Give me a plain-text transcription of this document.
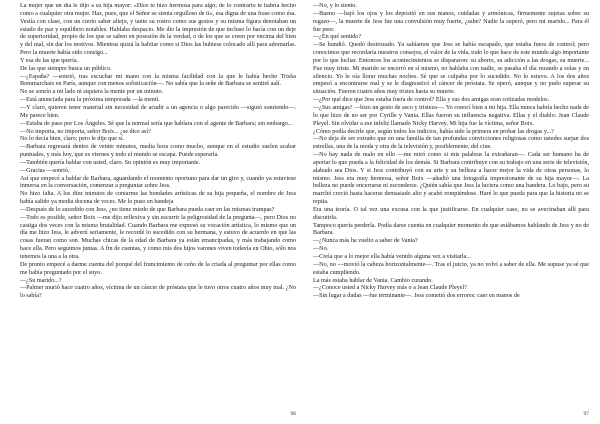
La mujer que un día le dijo a su hija mayor: «Dios te hizo hermosa para algo; de lo contrario te habría hecho como a cualquier otra mujer. Haz, pues, que el Señor se sienta orgulloso de ti», esa digna de una frase como ésa. Vestía con clase, con un cierto saber aliejo, y tanto su rostro como sus gestos y su misma figura denotaban un estado de paz y equilibrio notables. Hablaba despacio. Me dio la impresión de que incluso lo hacía con un deje de superioridad, propio de los que se saben en posesión de la verdad, o de los que se creen por encima del bien y del mal, sin dar los motivos. Mientras quizá la habitar como si Dios las hubiese colocado allí para adornarlas. Pero la muerte había sido consigo...

Y esa de las que quería.

De las que siempre busca un público.

—¿España? —sonrió, tras escuchar mi mano con la misma facilidad con la que le había hecho Trisha Bommarchais en París, aunque con menos sofisticación—. No sabía que la señe de Barbara se sentiré aalí.

No se sonrío a mi lado ni siquiera la mente por un minuto.

—Está anunciada para la próxima temporada —la mentí.

—Y claro, quieren tener material sin necesidad de acudir a un agencia o algo parecido —siguió sonriendo—. Me parece bien.

—Estaba de paso por Los Ángeles. Sé que la normal sería que hablara con el agente de Barbara; sin embargo...

—No importa, no importa, señor Boix... ¿se dice así?

No lo decía bien, claro; pero le dije que sí.

—Barbara regresará dentro de veinte minutos, media hora como mucho, aunque en el estudio suelen acabar puntuales, y más hoy, que es viernes y todo el mundo se escapa. Puede esperarla.

—También quería hablar con usted, claro. Su opinión es muy importante.

—Gracias —sonrió.

Así que empecé a hablar de Barbara, aguardando el momento oportuno para dar un giro y, cuando ya estuviese inmersa en la conversación, comenzar a preguntar sobre Jess.

No hizo falta. A los diez minutos de contarme las bondades artísticas de su hija pequeña, el nombre de Jess había salido ya media docena de veces. Me lo puso en bandeja

—Después de lo sucedido con Jess, ¿no tiene miedo de que Barbara pueda caer en las mismas trampas?

—Todo es posible, señor Boix —me dijo reflexiva y sin escurrir la peligrosidad de la pregunta—, pero Dios no castiga dos veces con la misma brutalidad. Cuando Barbara me expresó su vocación artística, lo mismo que un día me hizo Jess, le advertí seriamente, le recordé lo sucedido con su hermana, y estuvo de acuerdo en que las cosas fueran como son. Muchas chicas de la edad de Barbara ya están emancipadas, y más trabajando como hace ella. Pero seguimos juntas. A fin de cuentas, y como mis dos hijos varones viven todavía en Ohio, sólo nos tenemos la una a la otra.

De pronto empecé a darme cuenta del porqué del fruncimiento de ceño de la criada al preguntar por ellas como me había preguntado por el suyo.

—¿Su marido...?

—Palmer murió hace cuatro años, víctima de un cáncer de próstata que le tuvo otros cuatro años muy mal. ¿No lo sabía?

96

—No, y lo siento.

—Bueno —bajó los ojos y los depositó en sus manos, cuidadas y armónicas, firmemente sujetas sobre su regazo—, la muerte de Jess fue una convulsión muy fuerte, ¿sabe? Nadie la superó, pero mi marido... Para él fue peor.

—¿En qué sentido?

—Se hundió. Quedó destrozado. Ya sabíamos que Jess se había escapado, que estaba fuera de control; pero conocimos que recordaría nuestros consejos, el valor de la vida, todo lo que hace de este mundo algo importante por lo que luchar. Entonces los acontecimientos se dispararon: su aborto, su adicción a las drogas, su muerte... Fue muy triste. Mi marido se encerró en sí mismo, no hablaba con nadie, se pasaba el día rezando a solas y en silencio. Yo le oía llorar muchas noches. Sé que se culpaba por lo sucedido. No lo estuvo. A los dos años empezó a encontrarse mal y se le diagnosticó el cáncer de próstata. Se operó, aunque y no pudo superar su situación. Fueron cuatro años muy tristes hasta su muerte.

—¿Por qué dice que Jess estaba fuera de control? Ella y sus dos amigas eran cotizadas modelos.

—¿Sus amigas? —hizo un gesto de asco y tristeza—. Yo conocí bien a mi hija. Ella nunca habría hecho nada de lo que hizo de no ser por Cyrille y Vania. Ellas fueron su influencia negativa. Ellas y el diablo: Jean Claude Pleyel. Sin olvidar a ese infeliz llamado Nicky Harvey. Mi hija fue la víctima, señor Boix.

¿Cómo podía decirle que, según todos los indicios, había sido la primera en probar las drogas y...?

—No deja de ser extraño que en una familia de tan profundas convicciones religiosas como ustedes surjan dos estrellas, una de la moda y otra de la televisión y, posiblemente, del cine.

—No hay nada de malo en ello —me miró como si mis palabras la extrañaran—. Cada ser humano ha de aportar lo que pueda a la felicidad de los demás. Si Barbara contribuye con su trabajo en una serie de televisión, alabado sea Dios. Y si Jess contribuyó con su arte y su belleza a hacer mejor la vida de otras personas, lo mismo. Jess era muy hermosa, señor Boix —añadió una fotografía impresionante de su hija mayor—. La belleza no puede encerrarse ni esconderse. ¿Quién sabía que Jess la luciera como una bandera. Lo bajo, pero su marchó creció hasta hacerse demasiado alto y acabó rompiéndose. Haré lo que pueda para que la historia no se repita.

Era una teoría. O tal vez una excusa con la que justificarse. En cualquier caso, no se avecinaban allí para discutirla.

Tampoco quería perderla. Podía darse cuenta en cualquier momento de que estábamos hablando de Jess y no de Barbara.

—¿Nunca más ha vuelto a saber de Vania?

—No.

—Creía que a lo mejor ella había venido alguna vez a visitarla...

—No, no —movió la cabeza horizontalmente—. Tras el juicio, ya no volví a saber de ella. Me supuse ya sé que estaba cumpliendo.

La más estaba hablar de Vania. Cambio curando.

—¿Conoce usted a Nicky Harvey más o a Jean Claude Pleyel?

—Sin lugar a dudas —fue terminante—. Jess cometió dos errores: caer en manos de

97
